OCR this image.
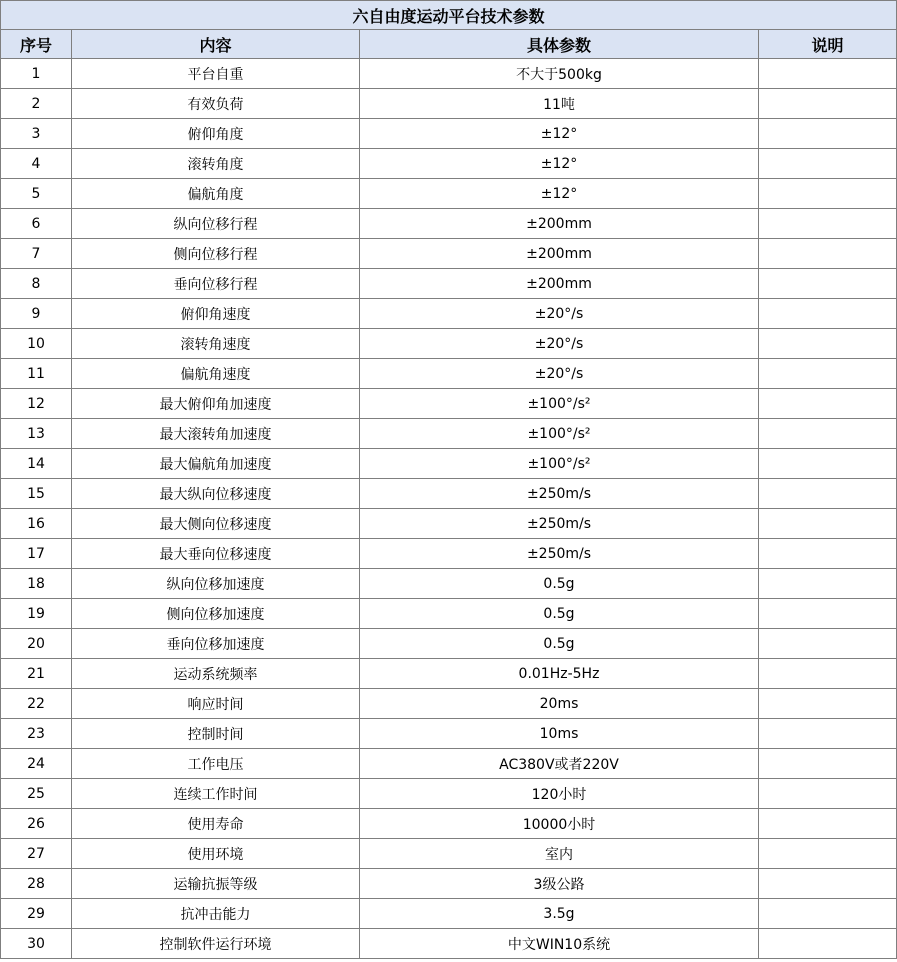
六自由度运动平台技术参数			
序号	内容	具体参数	说明
1	平台自重	不大于500kg	
2	有效负荷	11吨	
3	俯仰角度	±12°	
4	滚转角度	±12°	
5	偏航角度	±12°	
6	纵向位移行程	±200mm	
7	侧向位移行程	±200mm	
8	垂向位移行程	±200mm	
9	俯仰角速度	±20°/s	
10	滚转角速度	±20°/s	
11	偏航角速度	±20°/s	
12	最大俯仰角加速度	±100°/s²	
13	最大滚转角加速度	±100°/s²	
14	最大偏航角加速度	±100°/s²	
15	最大纵向位移速度	±250m/s	
16	最大侧向位移速度	±250m/s	
17	最大垂向位移速度	±250m/s	
18	纵向位移加速度	0.5g	
19	侧向位移加速度	0.5g	
20	垂向位移加速度	0.5g	
21	运动系统频率	0.01Hz-5Hz	
22	响应时间	20ms	
23	控制时间	10ms	
24	工作电压	AC380V或者220V	
25	连续工作时间	120小时	
26	使用寿命	10000小时	
27	使用环境	室内	
28	运输抗振等级	3级公路	
29	抗冲击能力	3.5g	
30	控制软件运行环境	中文WIN10系统	
